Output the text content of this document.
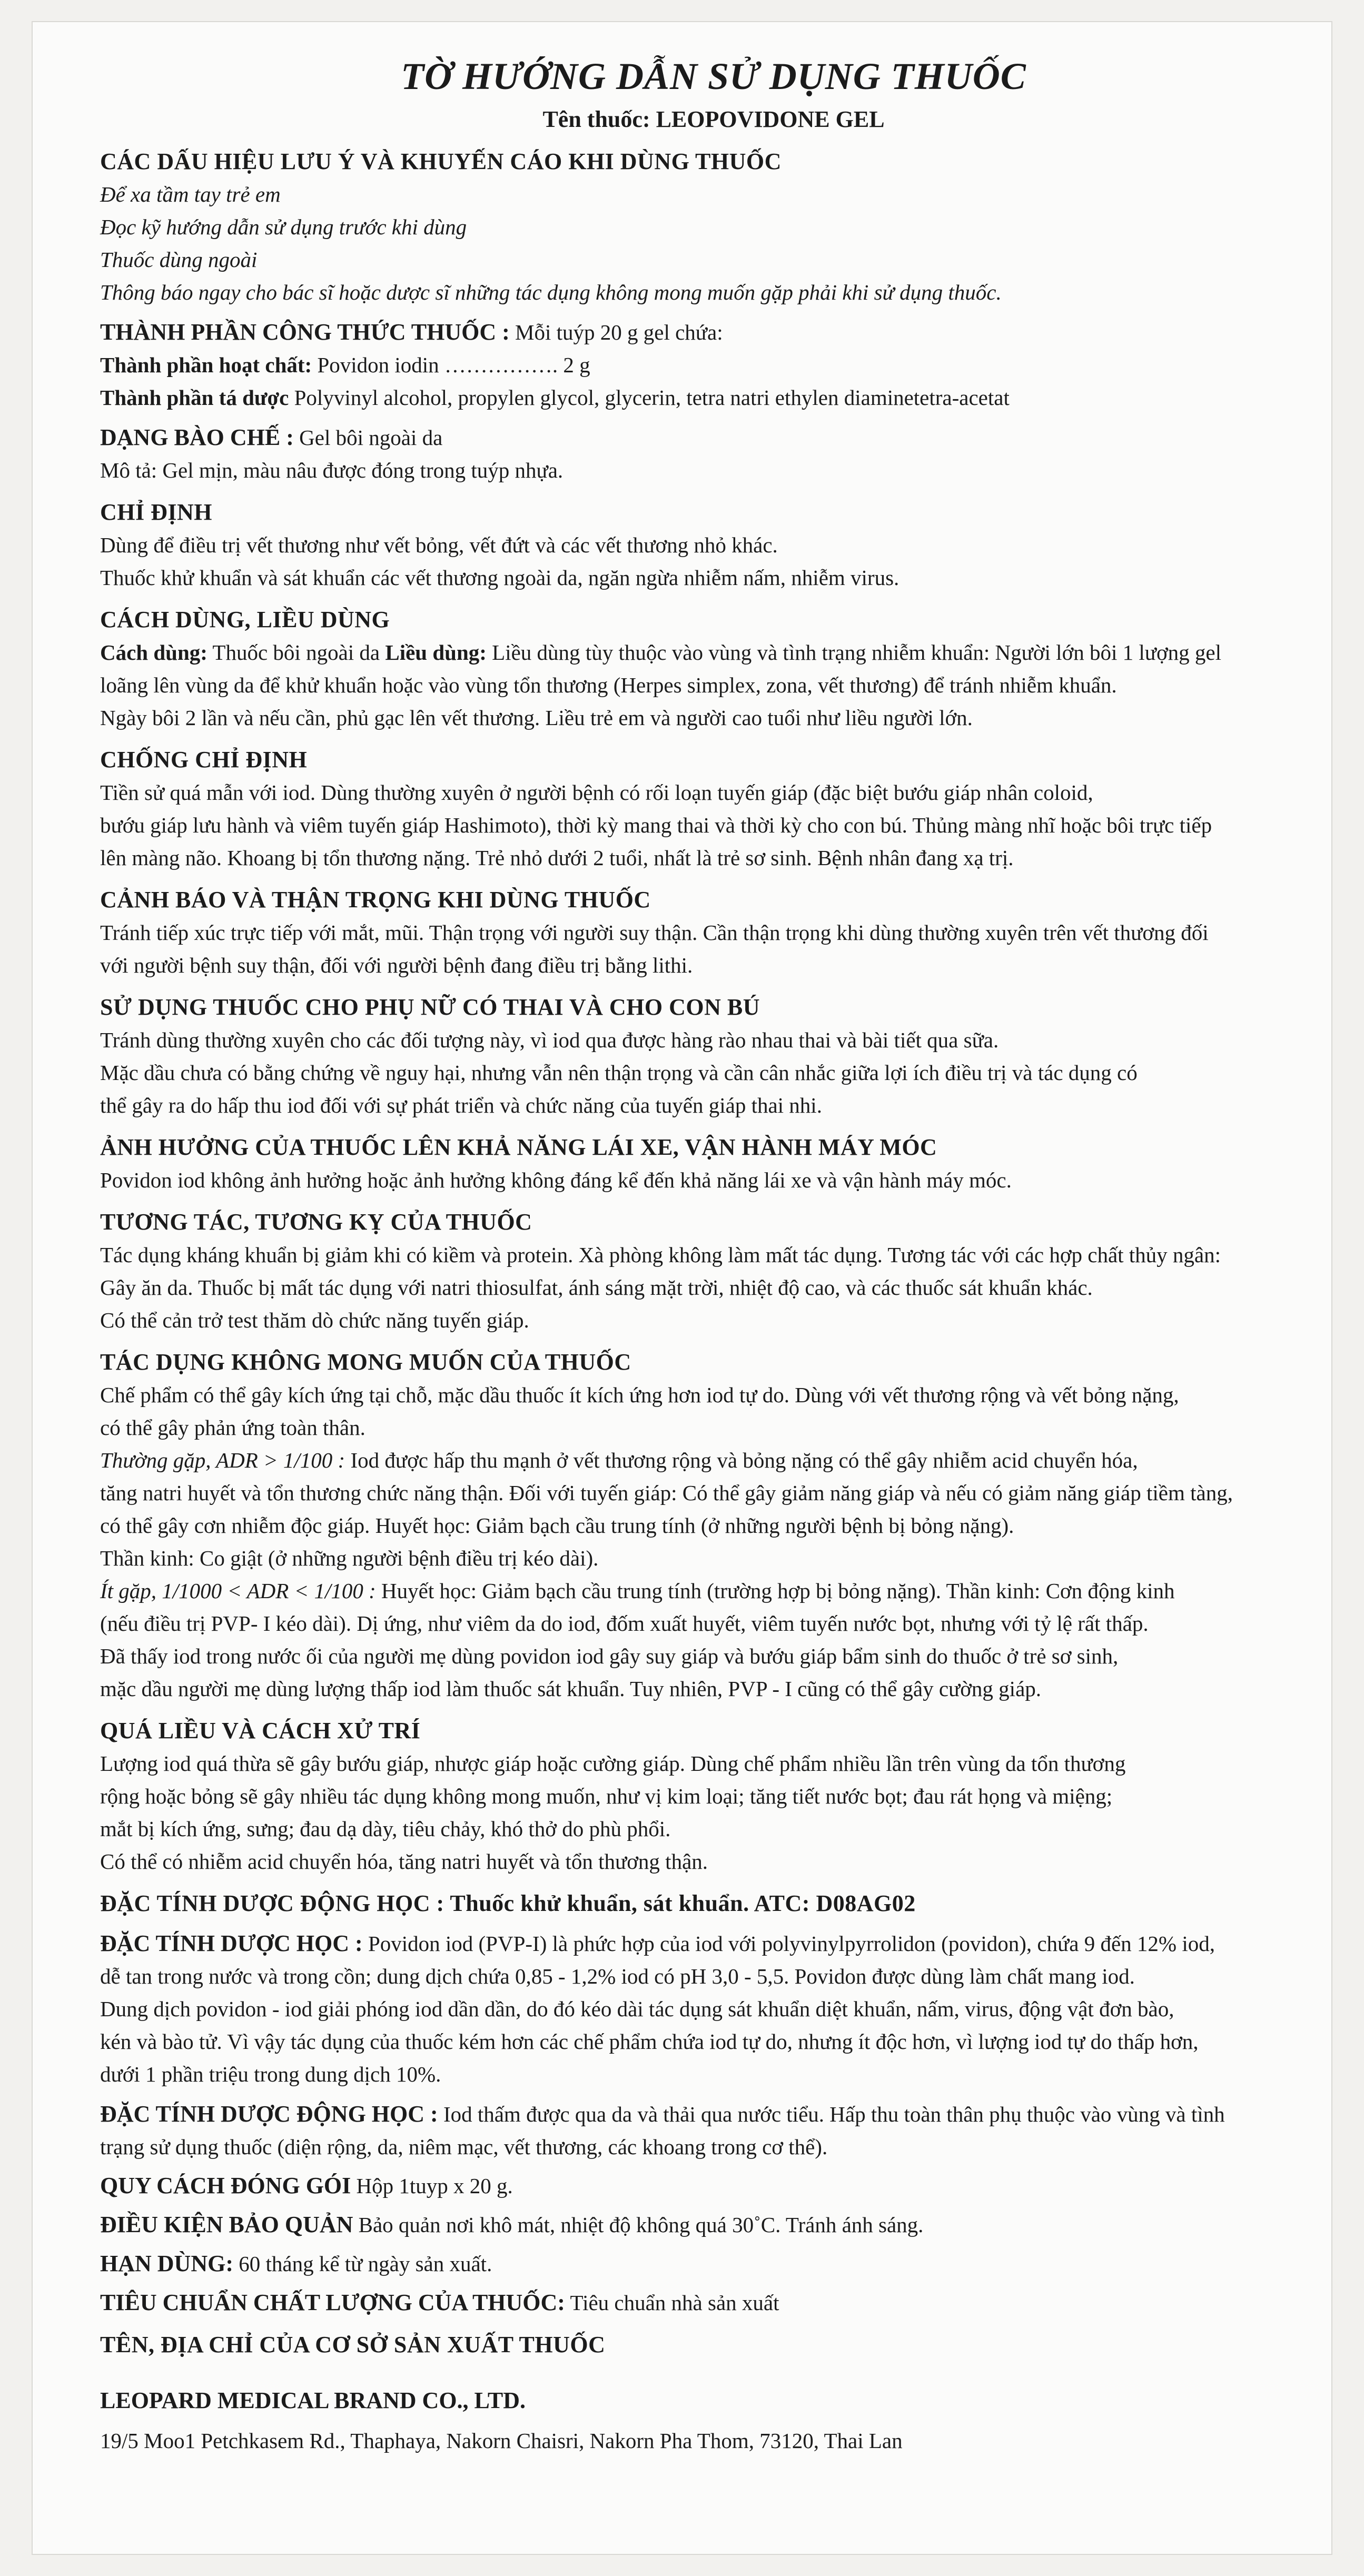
TỜ HƯỚNG DẪN SỬ DỤNG THUỐC
Tên thuốc: LEOPOVIDONE GEL
CÁC DẤU HIỆU LƯU Ý VÀ KHUYẾN CÁO KHI DÙNG THUỐC

Để xa tầm tay trẻ em

Đọc kỹ hướng dẫn sử dụng trước khi dùng

Thuốc dùng ngoài

Thông báo ngay cho bác sĩ hoặc dược sĩ những tác dụng không mong muốn gặp phải khi sử dụng thuốc.

THÀNH PHẦN CÔNG THỨC THUỐC : Mỗi tuýp 20 g gel chứa:

Thành phần hoạt chất: Povidon iodin ……………. 2 g

Thành phần tá dược Polyvinyl alcohol, propylen glycol, glycerin, tetra natri ethylen diaminetetra-acetat

DẠNG BÀO CHẾ : Gel bôi ngoài da

Mô tả: Gel mịn, màu nâu được đóng trong tuýp nhựa.

CHỈ ĐỊNH

Dùng để điều trị vết thương như vết bỏng, vết đứt và các vết thương nhỏ khác.

Thuốc khử khuẩn và sát khuẩn các vết thương ngoài da, ngăn ngừa nhiễm nấm, nhiễm virus.

CÁCH DÙNG, LIỀU DÙNG

Cách dùng: Thuốc bôi ngoài da Liều dùng: Liều dùng tùy thuộc vào vùng và tình trạng nhiễm khuẩn: Người lớn bôi 1 lượng gel

loãng lên vùng da để khử khuẩn hoặc vào vùng tổn thương (Herpes simplex, zona, vết thương) để tránh nhiễm khuẩn.

Ngày bôi 2 lần và nếu cần, phủ gạc lên vết thương. Liều trẻ em và người cao tuổi như liều người lớn.

CHỐNG CHỈ ĐỊNH

Tiền sử quá mẫn với iod. Dùng thường xuyên ở người bệnh có rối loạn tuyến giáp (đặc biệt bướu giáp nhân coloid,

bướu giáp lưu hành và viêm tuyến giáp Hashimoto), thời kỳ mang thai và thời kỳ cho con bú. Thủng màng nhĩ hoặc bôi trực tiếp

lên màng não. Khoang bị tổn thương nặng. Trẻ nhỏ dưới 2 tuổi, nhất là trẻ sơ sinh. Bệnh nhân đang xạ trị.

CẢNH BÁO VÀ THẬN TRỌNG KHI DÙNG THUỐC

Tránh tiếp xúc trực tiếp với mắt, mũi. Thận trọng với người suy thận. Cần thận trọng khi dùng thường xuyên trên vết thương đối

với người bệnh suy thận, đối với người bệnh đang điều trị bằng lithi.

SỬ DỤNG THUỐC CHO PHỤ NỮ CÓ THAI VÀ CHO CON BÚ

Tránh dùng thường xuyên cho các đối tượng này, vì iod qua được hàng rào nhau thai và bài tiết qua sữa.

Mặc dầu chưa có bằng chứng về nguy hại, nhưng vẫn nên thận trọng và cần cân nhắc giữa lợi ích điều trị và tác dụng có

thể gây ra do hấp thu iod đối với sự phát triển và chức năng của tuyến giáp thai nhi.

ẢNH HƯỞNG CỦA THUỐC LÊN KHẢ NĂNG LÁI XE, VẬN HÀNH MÁY MÓC

Povidon iod không ảnh hưởng hoặc ảnh hưởng không đáng kể đến khả năng lái xe và vận hành máy móc.

TƯƠNG TÁC, TƯƠNG KỴ CỦA THUỐC

Tác dụng kháng khuẩn bị giảm khi có kiềm và protein. Xà phòng không làm mất tác dụng. Tương tác với các hợp chất thủy ngân:

Gây ăn da. Thuốc bị mất tác dụng với natri thiosulfat, ánh sáng mặt trời, nhiệt độ cao, và các thuốc sát khuẩn khác.

Có thể cản trở test thăm dò chức năng tuyến giáp.

TÁC DỤNG KHÔNG MONG MUỐN CỦA THUỐC

Chế phẩm có thể gây kích ứng tại chỗ, mặc dầu thuốc ít kích ứng hơn iod tự do. Dùng với vết thương rộng và vết bỏng nặng,

có thể gây phản ứng toàn thân.

Thường gặp, ADR > 1/100 : Iod được hấp thu mạnh ở vết thương rộng và bỏng nặng có thể gây nhiễm acid chuyển hóa,

tăng natri huyết và tổn thương chức năng thận. Đối với tuyến giáp: Có thể gây giảm năng giáp và nếu có giảm năng giáp tiềm tàng,

có thể gây cơn nhiễm độc giáp. Huyết học: Giảm bạch cầu trung tính (ở những người bệnh bị bỏng nặng).

Thần kinh: Co giật (ở những người bệnh điều trị kéo dài).

Ít gặp, 1/1000 < ADR < 1/100 : Huyết học: Giảm bạch cầu trung tính (trường hợp bị bỏng nặng). Thần kinh: Cơn động kinh

(nếu điều trị PVP- I kéo dài). Dị ứng, như viêm da do iod, đốm xuất huyết, viêm tuyến nước bọt, nhưng với tỷ lệ rất thấp.

Đã thấy iod trong nước ối của người mẹ dùng povidon iod gây suy giáp và bướu giáp bẩm sinh do thuốc ở trẻ sơ sinh,

mặc dầu người mẹ dùng lượng thấp iod làm thuốc sát khuẩn. Tuy nhiên, PVP - I cũng có thể gây cường giáp.

QUÁ LIỀU VÀ CÁCH XỬ TRÍ

Lượng iod quá thừa sẽ gây bướu giáp, nhược giáp hoặc cường giáp. Dùng chế phẩm nhiều lần trên vùng da tổn thương

rộng hoặc bỏng sẽ gây nhiều tác dụng không mong muốn, như vị kim loại; tăng tiết nước bọt; đau rát họng và miệng;

mắt bị kích ứng, sưng; đau dạ dày, tiêu chảy, khó thở do phù phổi.

Có thể có nhiễm acid chuyển hóa, tăng natri huyết và tổn thương thận.

ĐẶC TÍNH DƯỢC ĐỘNG HỌC : Thuốc khử khuẩn, sát khuẩn. ATC: D08AG02
ĐẶC TÍNH DƯỢC HỌC : Povidon iod (PVP-I) là phức hợp của iod với polyvinylpyrrolidon (povidon), chứa 9 đến 12% iod,

dễ tan trong nước và trong cồn; dung dịch chứa 0,85 - 1,2% iod có pH 3,0 - 5,5. Povidon được dùng làm chất mang iod.

Dung dịch povidon - iod giải phóng iod dần dần, do đó kéo dài tác dụng sát khuẩn diệt khuẩn, nấm, virus, động vật đơn bào,

kén và bào tử. Vì vậy tác dụng của thuốc kém hơn các chế phẩm chứa iod tự do, nhưng ít độc hơn, vì lượng iod tự do thấp hơn,

dưới 1 phần triệu trong dung dịch 10%.

ĐẶC TÍNH DƯỢC ĐỘNG HỌC : Iod thấm được qua da và thải qua nước tiểu. Hấp thu toàn thân phụ thuộc vào vùng và tình

trạng sử dụng thuốc (diện rộng, da, niêm mạc, vết thương, các khoang trong cơ thể).

QUY CÁCH ĐÓNG GÓI Hộp 1tuyp x 20 g.
ĐIỀU KIỆN BẢO QUẢN Bảo quản nơi khô mát, nhiệt độ không quá 30˚C. Tránh ánh sáng.
HẠN DÙNG: 60 tháng kể từ ngày sản xuất.
TIÊU CHUẨN CHẤT LƯỢNG CỦA THUỐC: Tiêu chuẩn nhà sản xuất
TÊN, ĐỊA CHỈ CỦA CƠ SỞ SẢN XUẤT THUỐC
LEOPARD MEDICAL BRAND CO., LTD.

19/5 Moo1 Petchkasem Rd., Thaphaya, Nakorn Chaisri, Nakorn Pha Thom, 73120, Thai Lan
